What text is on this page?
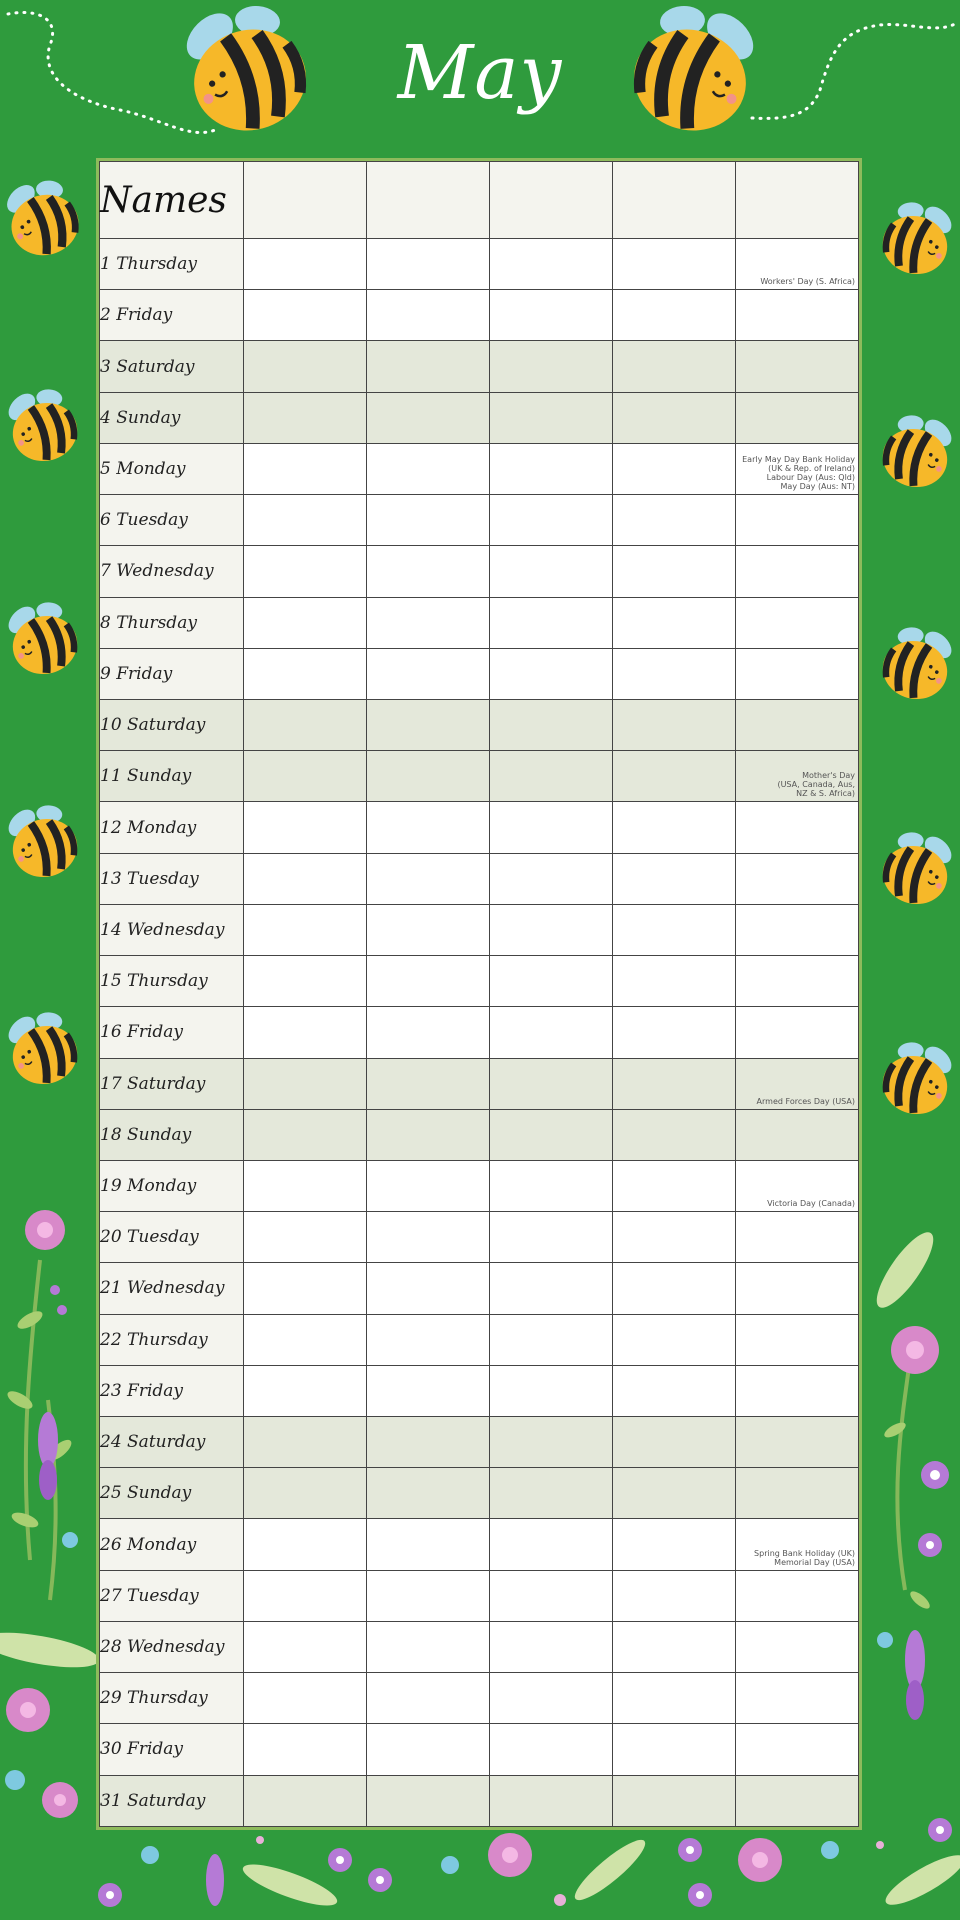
May
Names					
1 Thursday					Workers' Day (S. Africa)

2 Friday					
3 Saturday					
4 Sunday					
5 Monday					Early May Day Bank Holiday
(UK & Rep. of Ireland)
Labour Day (Aus: Qld)
May Day (Aus: NT)

6 Tuesday					
7 Wednesday					
8 Thursday					
9 Friday					
10 Saturday					
11 Sunday					Mother's Day
(USA, Canada, Aus,
NZ & S. Africa)

12 Monday					
13 Tuesday					
14 Wednesday					
15 Thursday					
16 Friday					
17 Saturday					Armed Forces Day (USA)

18 Sunday					
19 Monday					Victoria Day (Canada)

20 Tuesday					
21 Wednesday					
22 Thursday					
23 Friday					
24 Saturday					
25 Sunday					
26 Monday					Spring Bank Holiday (UK)
Memorial Day (USA)

27 Tuesday					
28 Wednesday					
29 Thursday					
30 Friday					
31 Saturday					
